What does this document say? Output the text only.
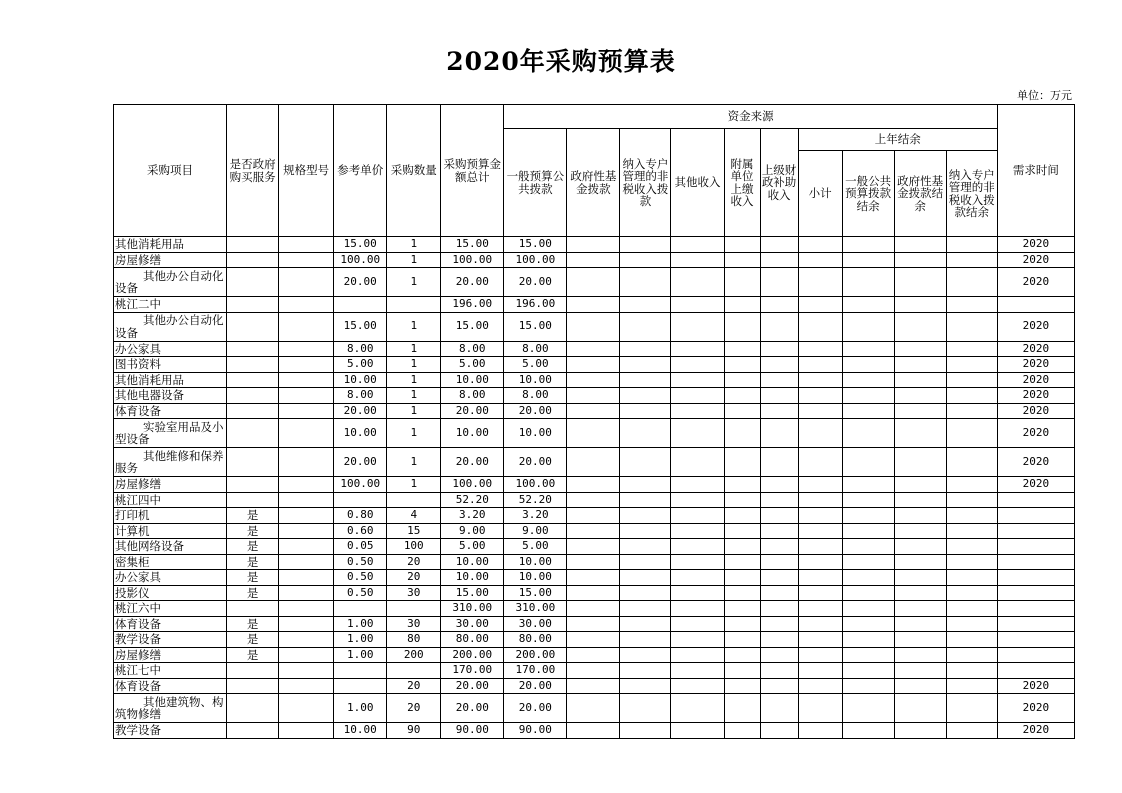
2020年采购预算表
单位：万元
采购项目	是否政府购买服务	规格型号	参考单价	采购数量	采购预算金额总计	资金来源										需求时间
						一般预算公共拨款	政府性基金拨款	纳入专户管理的非税收入拨款	其他收入	附属单位上缴收入	上级财政补助收入	上年结余				
												小计	一般公共预算拨款结余	政府性基金拨款结余	纳入专户管理的非税收入拨款结余	
其他消耗用品			15.00	1	15.00	15.00										2020
房屋修缮			100.00	1	100.00	100.00										2020
其他办公自动化设备			20.00	1	20.00	20.00										2020
桃江二中					196.00	196.00										
其他办公自动化设备			15.00	1	15.00	15.00										2020
办公家具			8.00	1	8.00	8.00										2020
图书资料			5.00	1	5.00	5.00										2020
其他消耗用品			10.00	1	10.00	10.00										2020
其他电器设备			8.00	1	8.00	8.00										2020
体育设备			20.00	1	20.00	20.00										2020
实验室用品及小型设备			10.00	1	10.00	10.00										2020
其他维修和保养服务			20.00	1	20.00	20.00										2020
房屋修缮			100.00	1	100.00	100.00										2020
桃江四中					52.20	52.20										
打印机	是		0.80	4	3.20	3.20										
计算机	是		0.60	15	9.00	9.00										
其他网络设备	是		0.05	100	5.00	5.00										
密集柜	是		0.50	20	10.00	10.00										
办公家具	是		0.50	20	10.00	10.00										
投影仪	是		0.50	30	15.00	15.00										
桃江六中					310.00	310.00										
体育设备	是		1.00	30	30.00	30.00										
教学设备	是		1.00	80	80.00	80.00										
房屋修缮	是		1.00	200	200.00	200.00										
桃江七中					170.00	170.00										
体育设备				20	20.00	20.00										2020
其他建筑物、构筑物修缮			1.00	20	20.00	20.00										2020
教学设备			10.00	90	90.00	90.00										2020
